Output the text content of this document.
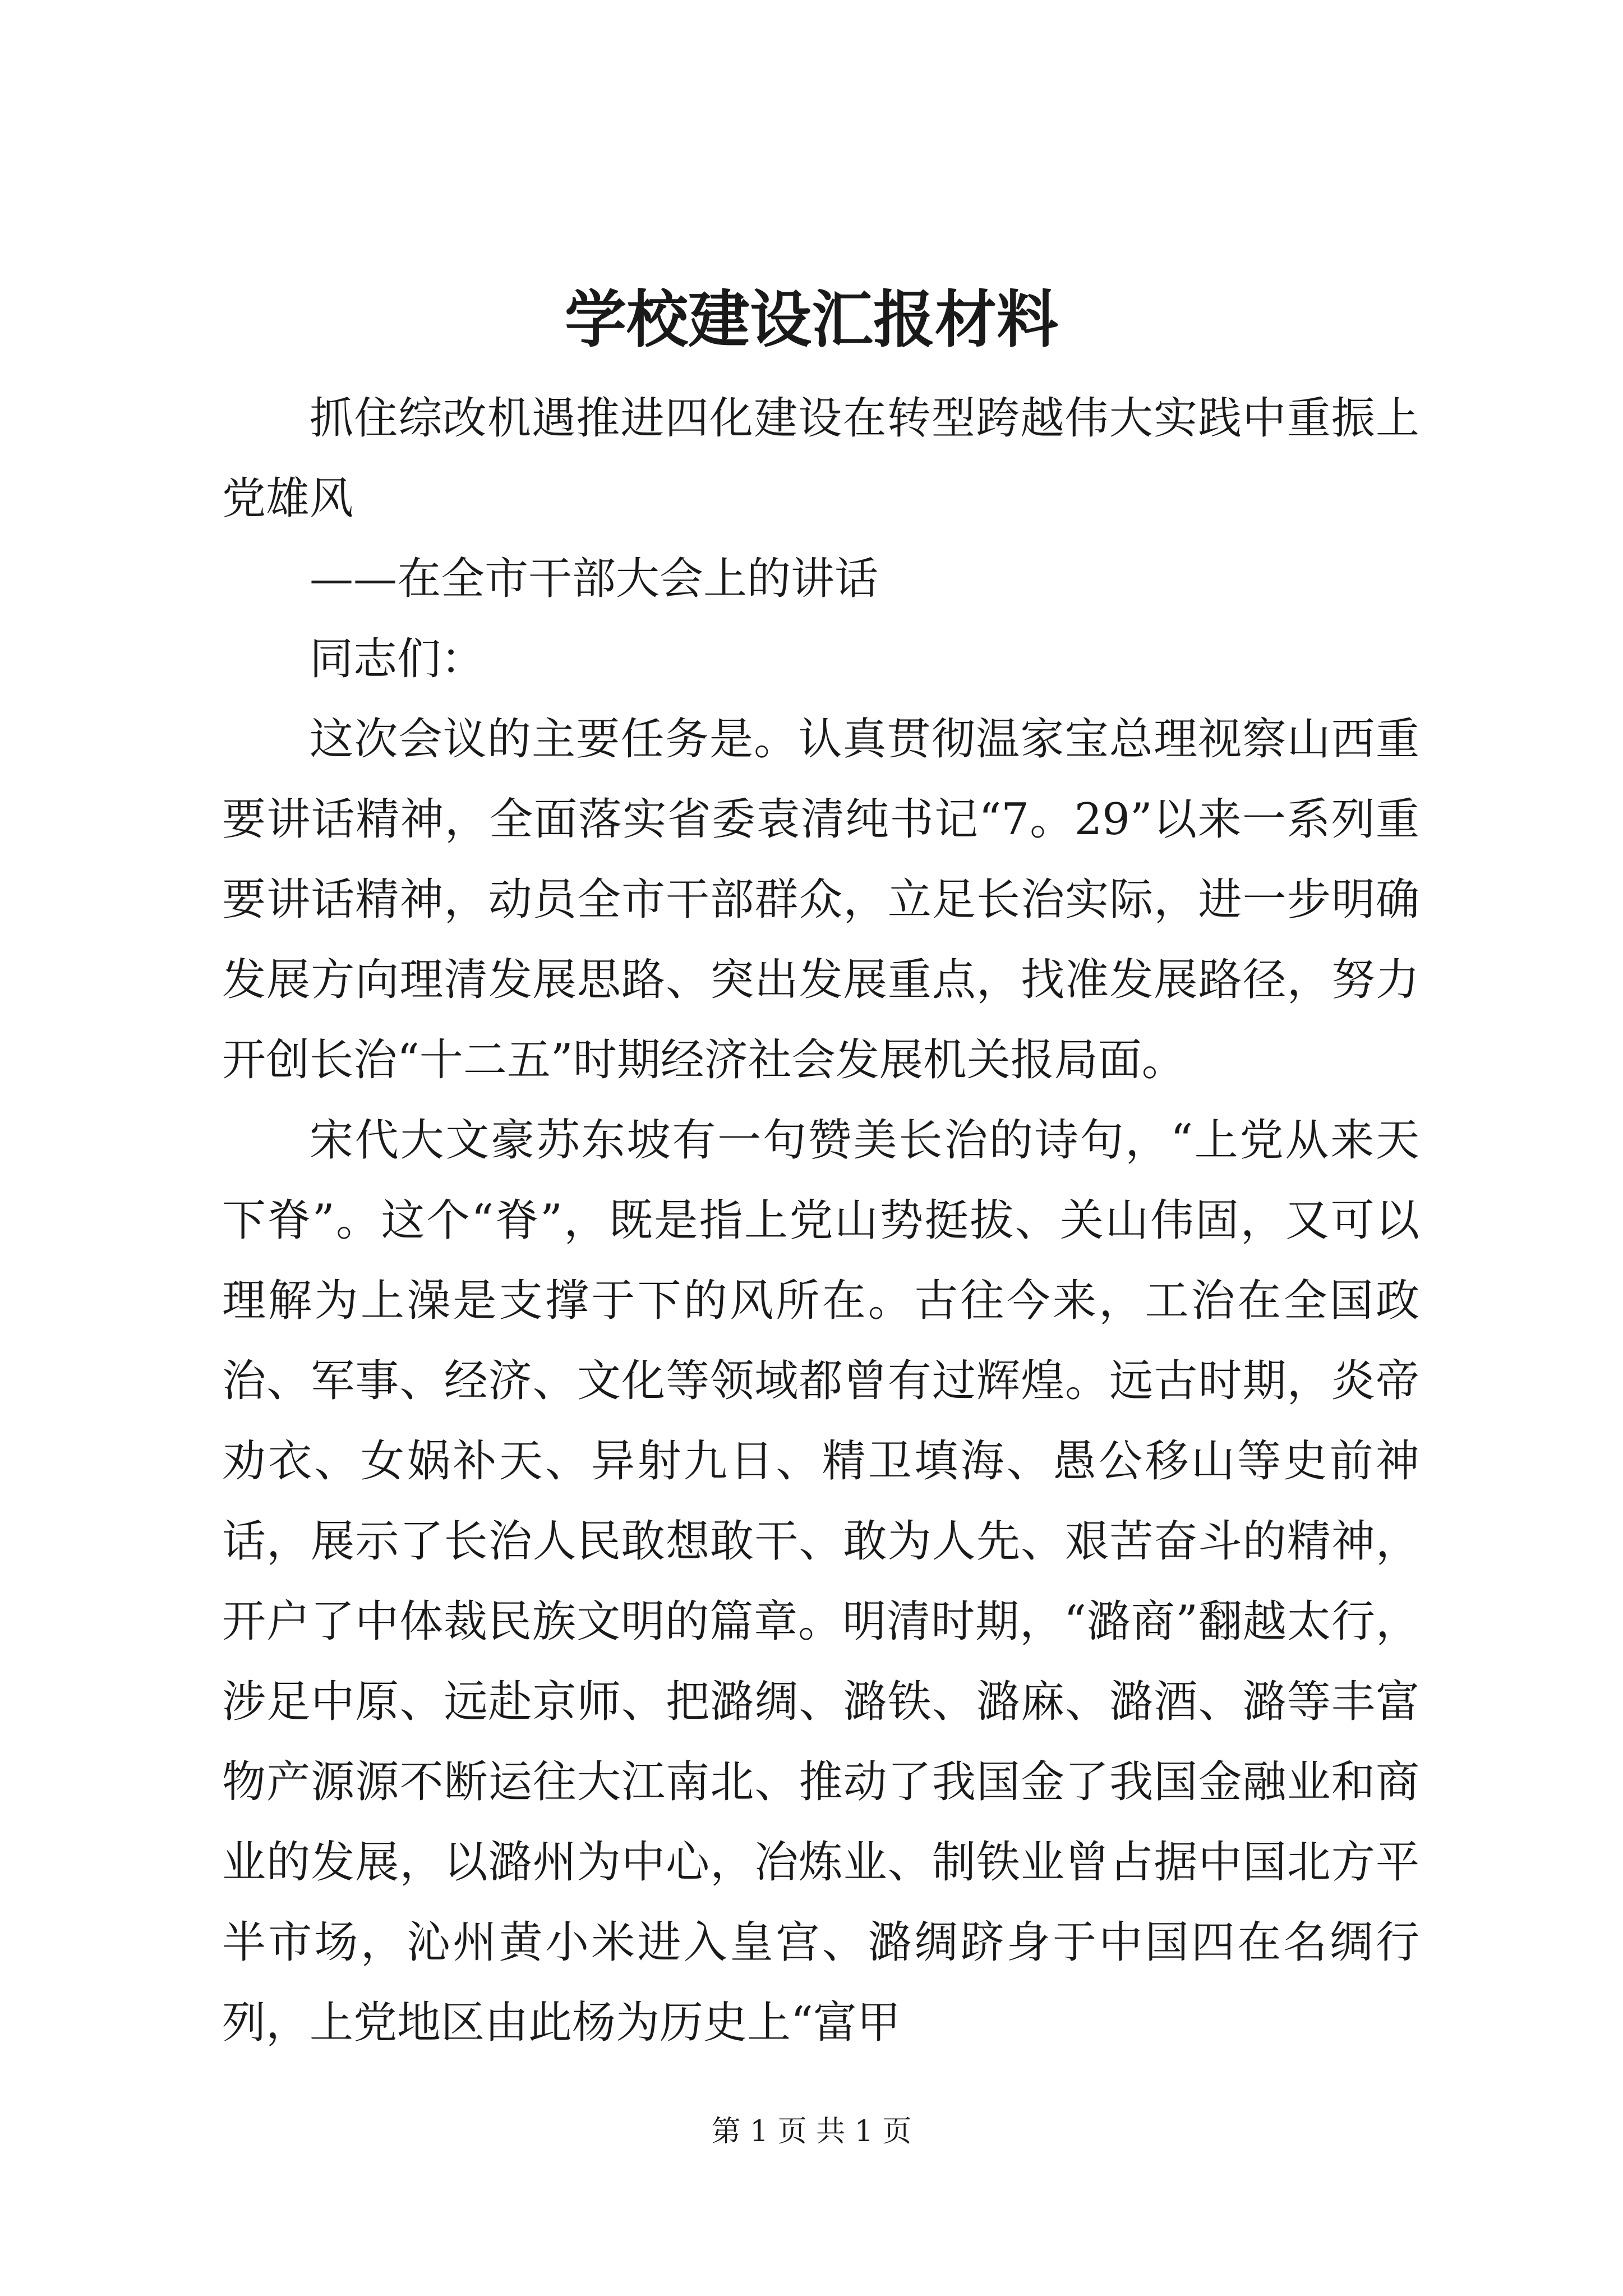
学校建设汇报材料

抓住综改机遇推进四化建设在转型跨越伟大实践中重振上党雄风

——在全市干部大会上的讲话

同志们：

这次会议的主要任务是。认真贯彻温家宝总理视察山西重要讲话精神，全面落实省委袁清纯书记“7。29”以来一系列重要讲话精神，动员全市干部群众，立足长治实际，进一步明确发展方向理清发展思路、突出发展重点，找准发展路径，努力开创长治“十二五”时期经济社会发展机关报局面。

宋代大文豪苏东坡有一句赞美长治的诗句，“上党从来天下脊”。这个“脊”，既是指上党山势挺拔、关山伟固，又可以理解为上澡是支撑于下的风所在。古往今来，工治在全国政治、军事、经济、文化等领域都曾有过辉煌。远古时期，炎帝劝衣、女娲补天、异射九日、精卫填海、愚公移山等史前神话，展示了长治人民敢想敢干、敢为人先、艰苦奋斗的精神，开户了中体裁民族文明的篇章。明清时期，“潞商”翻越太行，涉足中原、远赴京师、把潞绸、潞铁、潞麻、潞酒、潞等丰富物产源源不断运往大江南北、推动了我国金了我国金融业和商业的发展，以潞州为中心，冶炼业、制铁业曾占据中国北方平半市场，沁州黄小米进入皇宫、潞绸跻身于中国四在名绸行列，上党地区由此杨为历史上“富甲

第 1 页 共 1 页
